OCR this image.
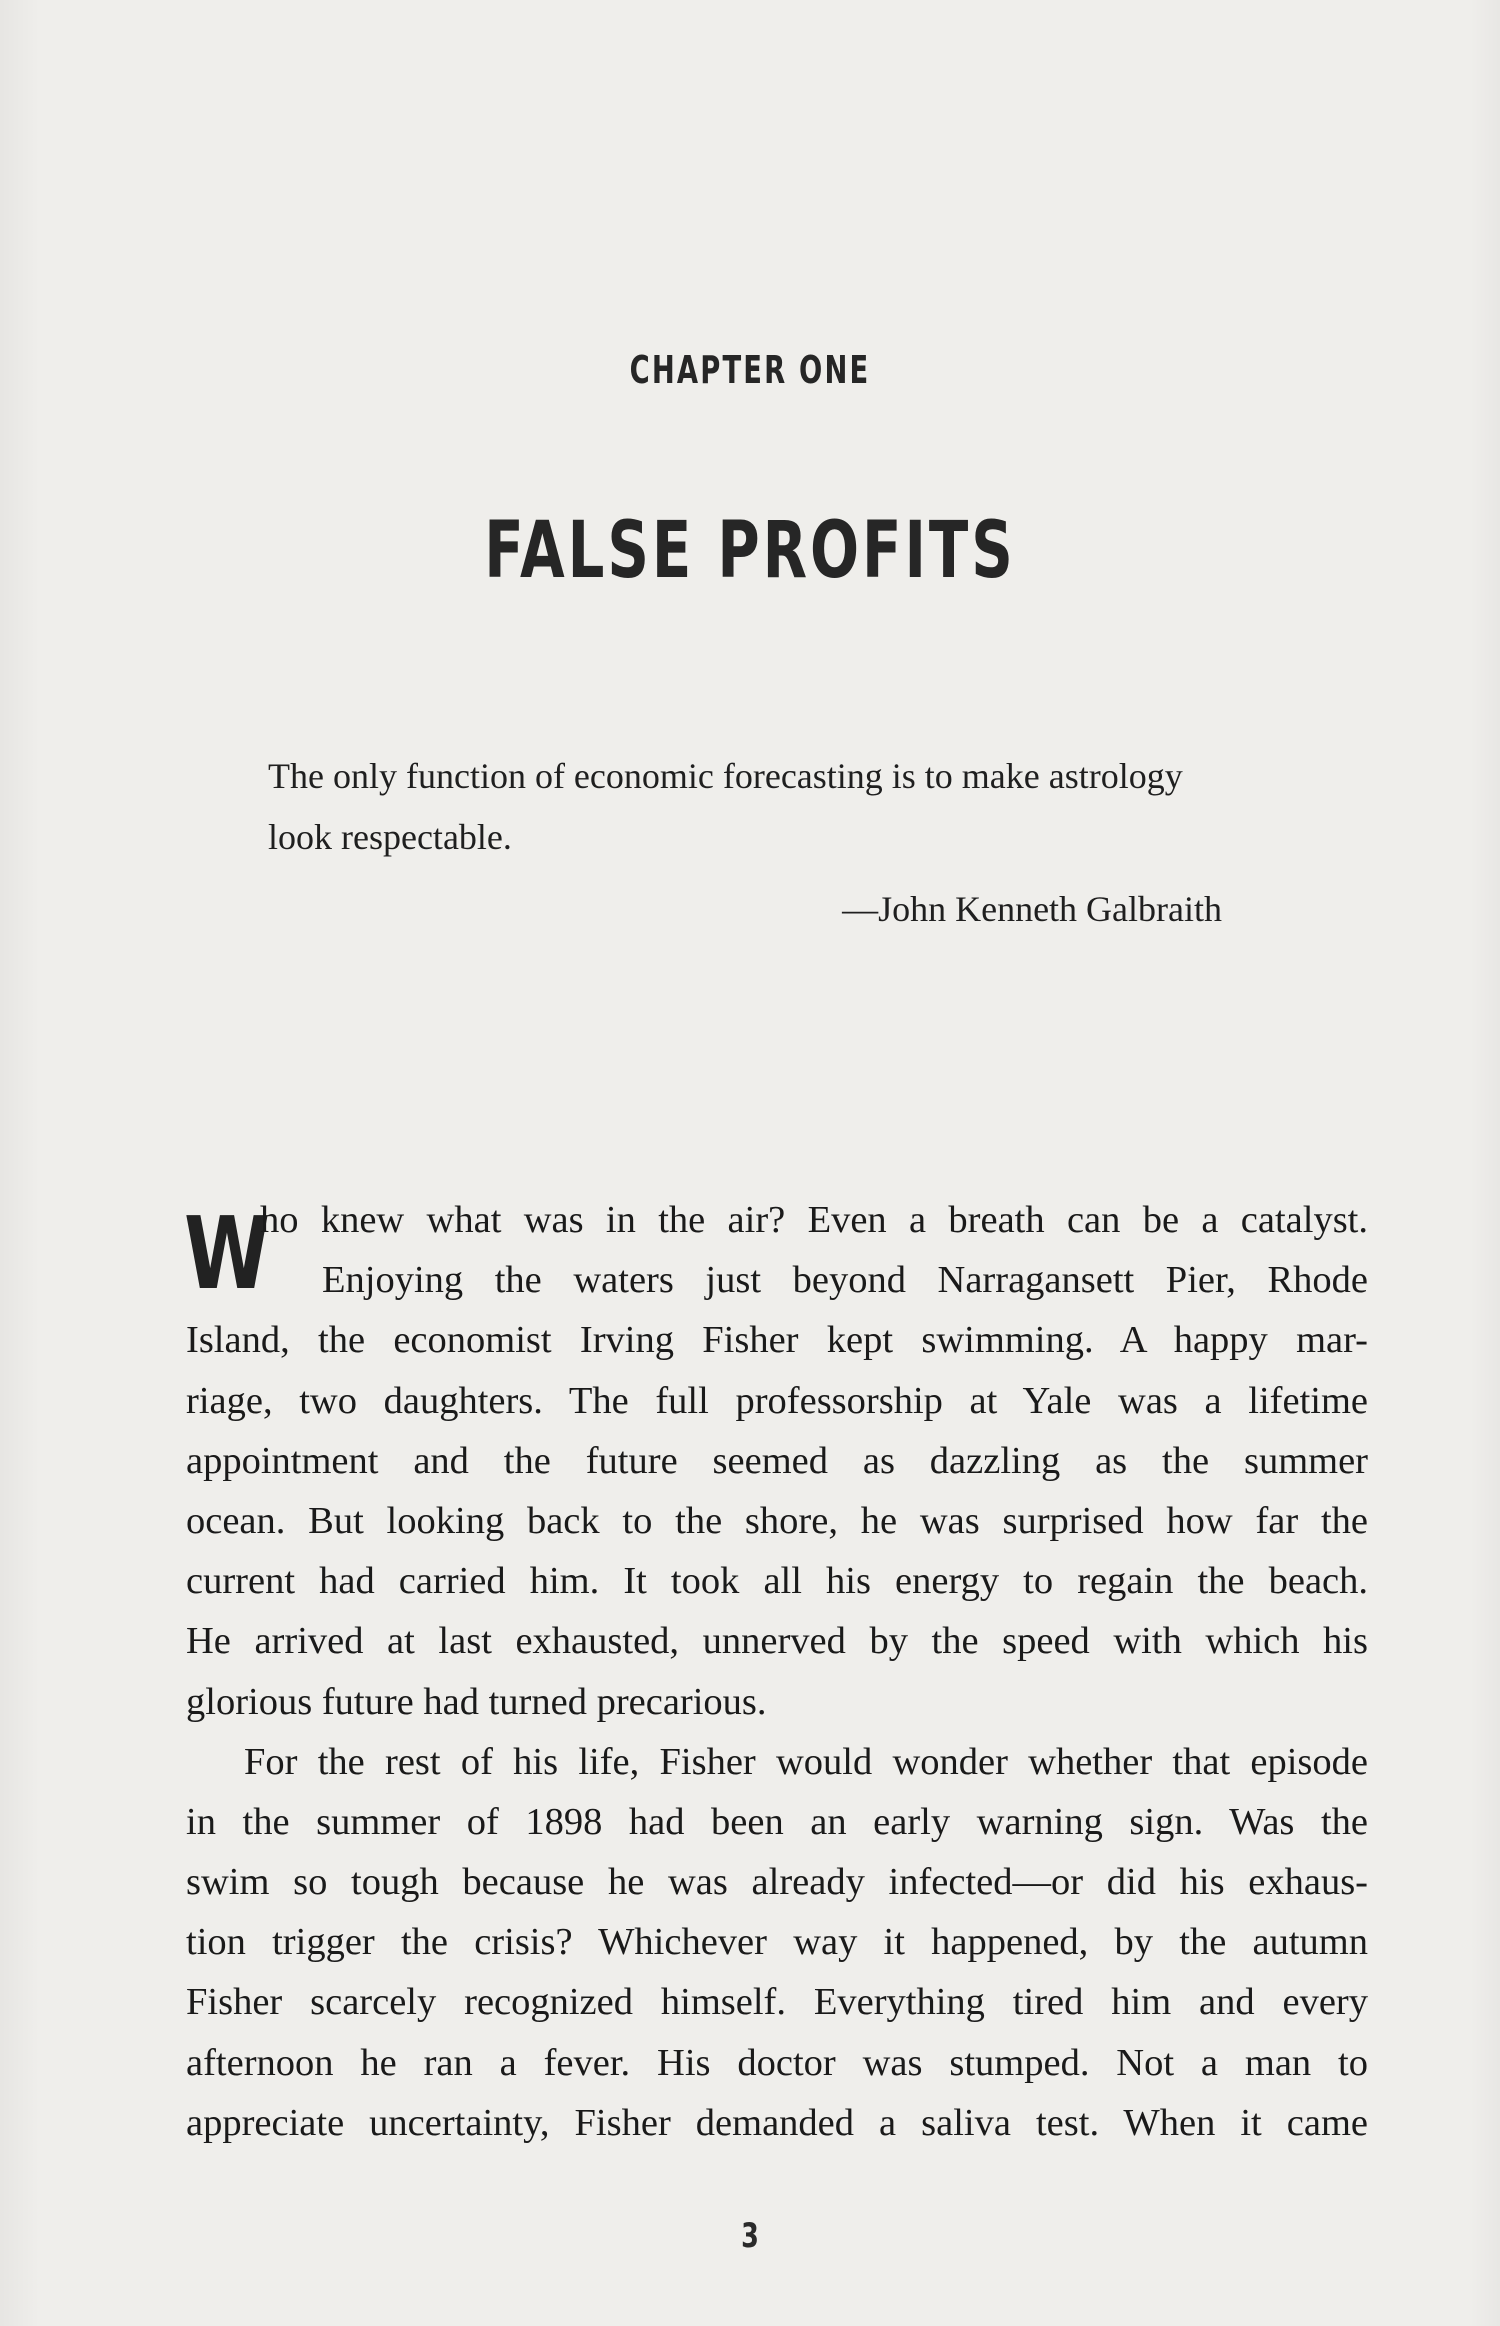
CHAPTER ONE
FALSE PROFITS
The only function of economic forecasting is to make astrology
look respectable.
—John Kenneth Galbraith
W
ho knew what was in the air? Even a breath can be a catalyst.
Enjoying the waters just beyond Narragansett Pier, Rhode
Island, the economist Irving Fisher kept swimming. A happy mar-
riage, two daughters. The full professorship at Yale was a lifetime
appointment and the future seemed as dazzling as the summer
ocean. But looking back to the shore, he was surprised how far the
current had carried him. It took all his energy to regain the beach.
He arrived at last exhausted, unnerved by the speed with which his
glorious future had turned precarious.
For the rest of his life, Fisher would wonder whether that episode
in the summer of 1898 had been an early warning sign. Was the
swim so tough because he was already infected—or did his exhaus-
tion trigger the crisis? Whichever way it happened, by the autumn
Fisher scarcely recognized himself. Everything tired him and every
afternoon he ran a fever. His doctor was stumped. Not a man to
appreciate uncertainty, Fisher demanded a saliva test. When it came
3
